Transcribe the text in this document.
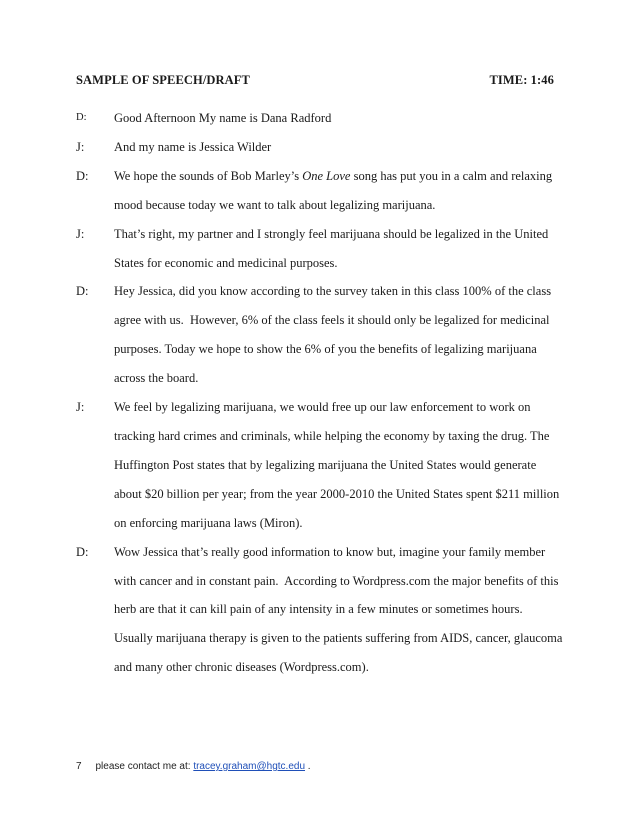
SAMPLE OF SPEECH/DRAFT	TIME: 1:46
D:	Good Afternoon My name is Dana Radford
J:	And my name is Jessica Wilder
D:	We hope the sounds of Bob Marley’s One Love song has put you in a calm and relaxing
mood because today we want to talk about legalizing marijuana.
J:	That’s right, my partner and I strongly feel marijuana should be legalized in the United
States for economic and medicinal purposes.
D:	Hey Jessica, did you know according to the survey taken in this class 100% of the class
agree with us.  However, 6% of the class feels it should only be legalized for medicinal
purposes. Today we hope to show the 6% of you the benefits of legalizing marijuana
across the board.
J:	We feel by legalizing marijuana, we would free up our law enforcement to work on
tracking hard crimes and criminals, while helping the economy by taxing the drug. The
Huffington Post states that by legalizing marijuana the United States would generate
about $20 billion per year; from the year 2000-2010 the United States spent $211 million
on enforcing marijuana laws (Miron).
D:	Wow Jessica that’s really good information to know but, imagine your family member
with cancer and in constant pain.  According to Wordpress.com the major benefits of this
herb are that it can kill pain of any intensity in a few minutes or sometimes hours.
Usually marijuana therapy is given to the patients suffering from AIDS, cancer, glaucoma
and many other chronic diseases (Wordpress.com).
7 please contact me at: tracey.graham@hgtc.edu .
